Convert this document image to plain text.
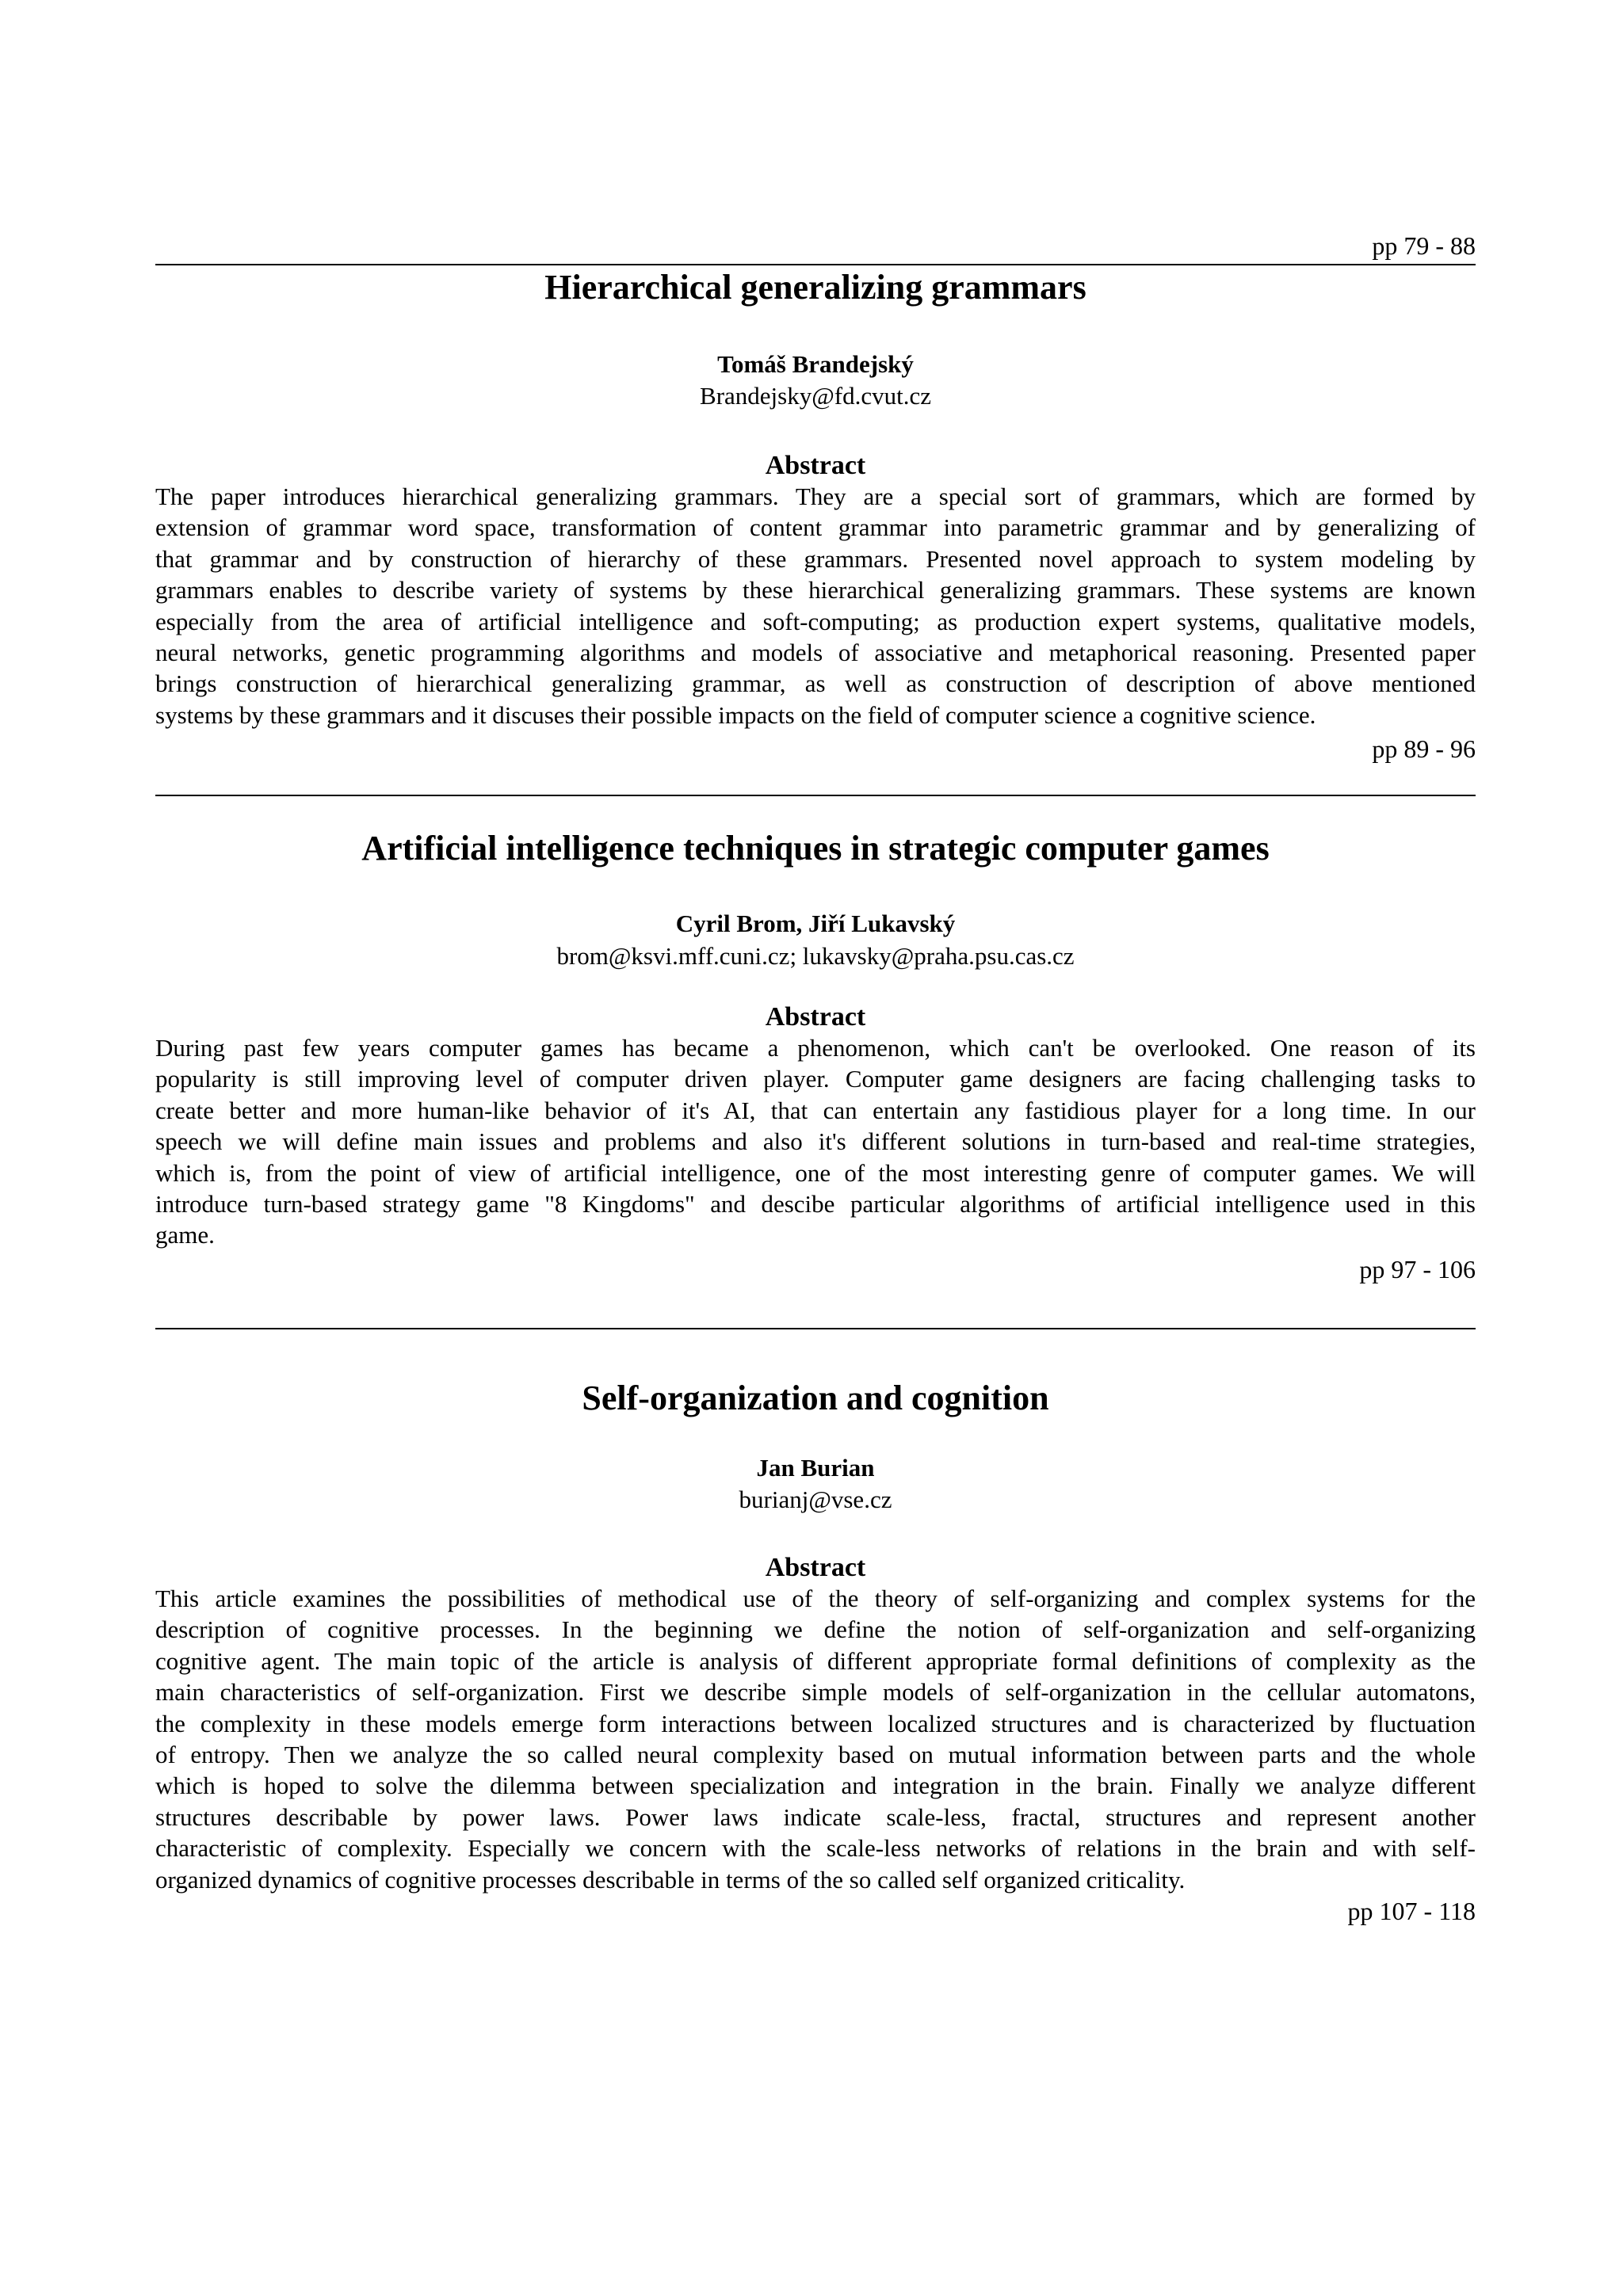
pp 79 - 88
Hierarchical generalizing grammars
Tomáš Brandejský
Brandejsky@fd.cvut.cz
Abstract
The paper introduces hierarchical generalizing grammars. They are a special sort of grammars, which are formed by
extension of grammar word space, transformation of content grammar into parametric grammar and by generalizing of
that grammar and by construction of hierarchy of these grammars. Presented novel approach to system modeling by
grammars enables to describe variety of systems by these hierarchical generalizing grammars. These systems are known
especially from the area of artificial intelligence and soft-computing; as production expert systems, qualitative models,
neural networks, genetic programming algorithms and models of associative and metaphorical reasoning. Presented paper
brings construction of hierarchical generalizing grammar, as well as construction of description of above mentioned
systems by these grammars and it discuses their possible impacts on the field of computer science a cognitive science.
pp 89 - 96
Artificial intelligence techniques in strategic computer games
Cyril Brom, Jiří Lukavský
brom@ksvi.mff.cuni.cz; lukavsky@praha.psu.cas.cz
Abstract
During past few years computer games has became a phenomenon, which can't be overlooked. One reason of its
popularity is still improving level of computer driven player. Computer game designers are facing challenging tasks to
create better and more human-like behavior of it's AI, that can entertain any fastidious player for a long time. In our
speech we will define main issues and problems and also it's different solutions in turn-based and real-time strategies,
which is, from the point of view of artificial intelligence, one of the most interesting genre of computer games. We will
introduce turn-based strategy game "8 Kingdoms" and descibe particular algorithms of artificial intelligence used in this
game.
pp 97 - 106
Self-organization and cognition
Jan Burian
burianj@vse.cz
Abstract
This article examines the possibilities of methodical use of the theory of self-organizing and complex systems for the
description of cognitive processes. In the beginning we define the notion of self-organization and self-organizing
cognitive agent. The main topic of the article is analysis of different appropriate formal definitions of complexity as the
main characteristics of self-organization. First we describe simple models of self-organization in the cellular automatons,
the complexity in these models emerge form interactions between localized structures and is characterized by fluctuation
of entropy. Then we analyze the so called neural complexity based on mutual information between parts and the whole
which is hoped to solve the dilemma between specialization and integration in the brain. Finally we analyze different
structures describable by power laws. Power laws indicate scale-less, fractal, structures and represent another
characteristic of complexity. Especially we concern with the scale-less networks of relations in the brain and with self-
organized dynamics of cognitive processes describable in terms of the so called self organized criticality.
pp 107 - 118
